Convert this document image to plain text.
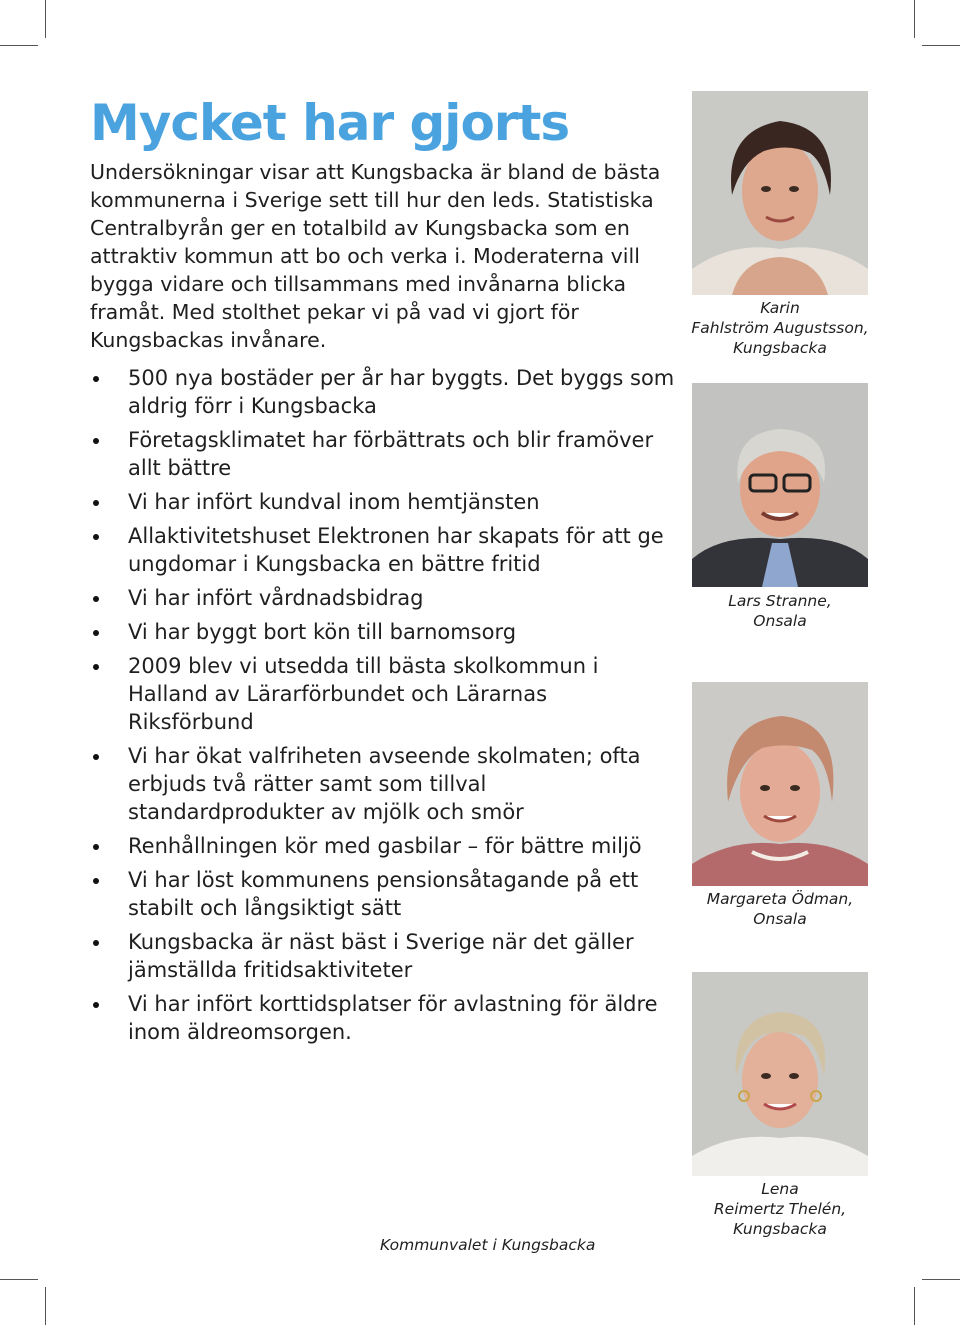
Mycket har gjorts

Undersökningar visar att Kungsbacka är bland de bästa kommunerna i Sverige sett till hur den leds. Statistiska Centralbyrån ger en totalbild av Kungsbacka som en attraktiv kommun att bo och verka i. Moderaterna vill bygga vidare och tillsammans med invånarna blicka framåt. Med stolthet pekar vi på vad vi gjort för Kungsbackas invånare.

500 nya bostäder per år har byggts. Det byggs som aldrig förr i Kungsbacka
Företagsklimatet har förbättrats och blir framöver allt bättre
Vi har infört kundval inom hemtjänsten
Allaktivitetshuset Elektronen har skapats för att ge ungdomar i Kungsbacka en bättre fritid
Vi har infört vårdnadsbidrag
Vi har byggt bort kön till barnomsorg
2009 blev vi utsedda till bästa skolkommun i Halland av Lärarförbundet och Lärarnas Riksförbund
Vi har ökat valfriheten avseende skolmaten; ofta erbjuds två rätter samt som tillval standardprodukter av mjölk och smör
Renhållningen kör med gasbilar – för bättre miljö
Vi har löst kommunens pensionsåtagande på ett stabilt och långsiktigt sätt
Kungsbacka är näst bäst i Sverige när det gäller jämställda fritidsaktiviteter
Vi har infört korttidsplatser för avlastning för äldre inom äldreomsorgen.
Karin
Fahlström Augustsson,
Kungsbacka
Lars Stranne,
Onsala
Margareta Ödman,
Onsala
Lena
Reimertz Thelén,
Kungsbacka
Kommunvalet i Kungsbacka
